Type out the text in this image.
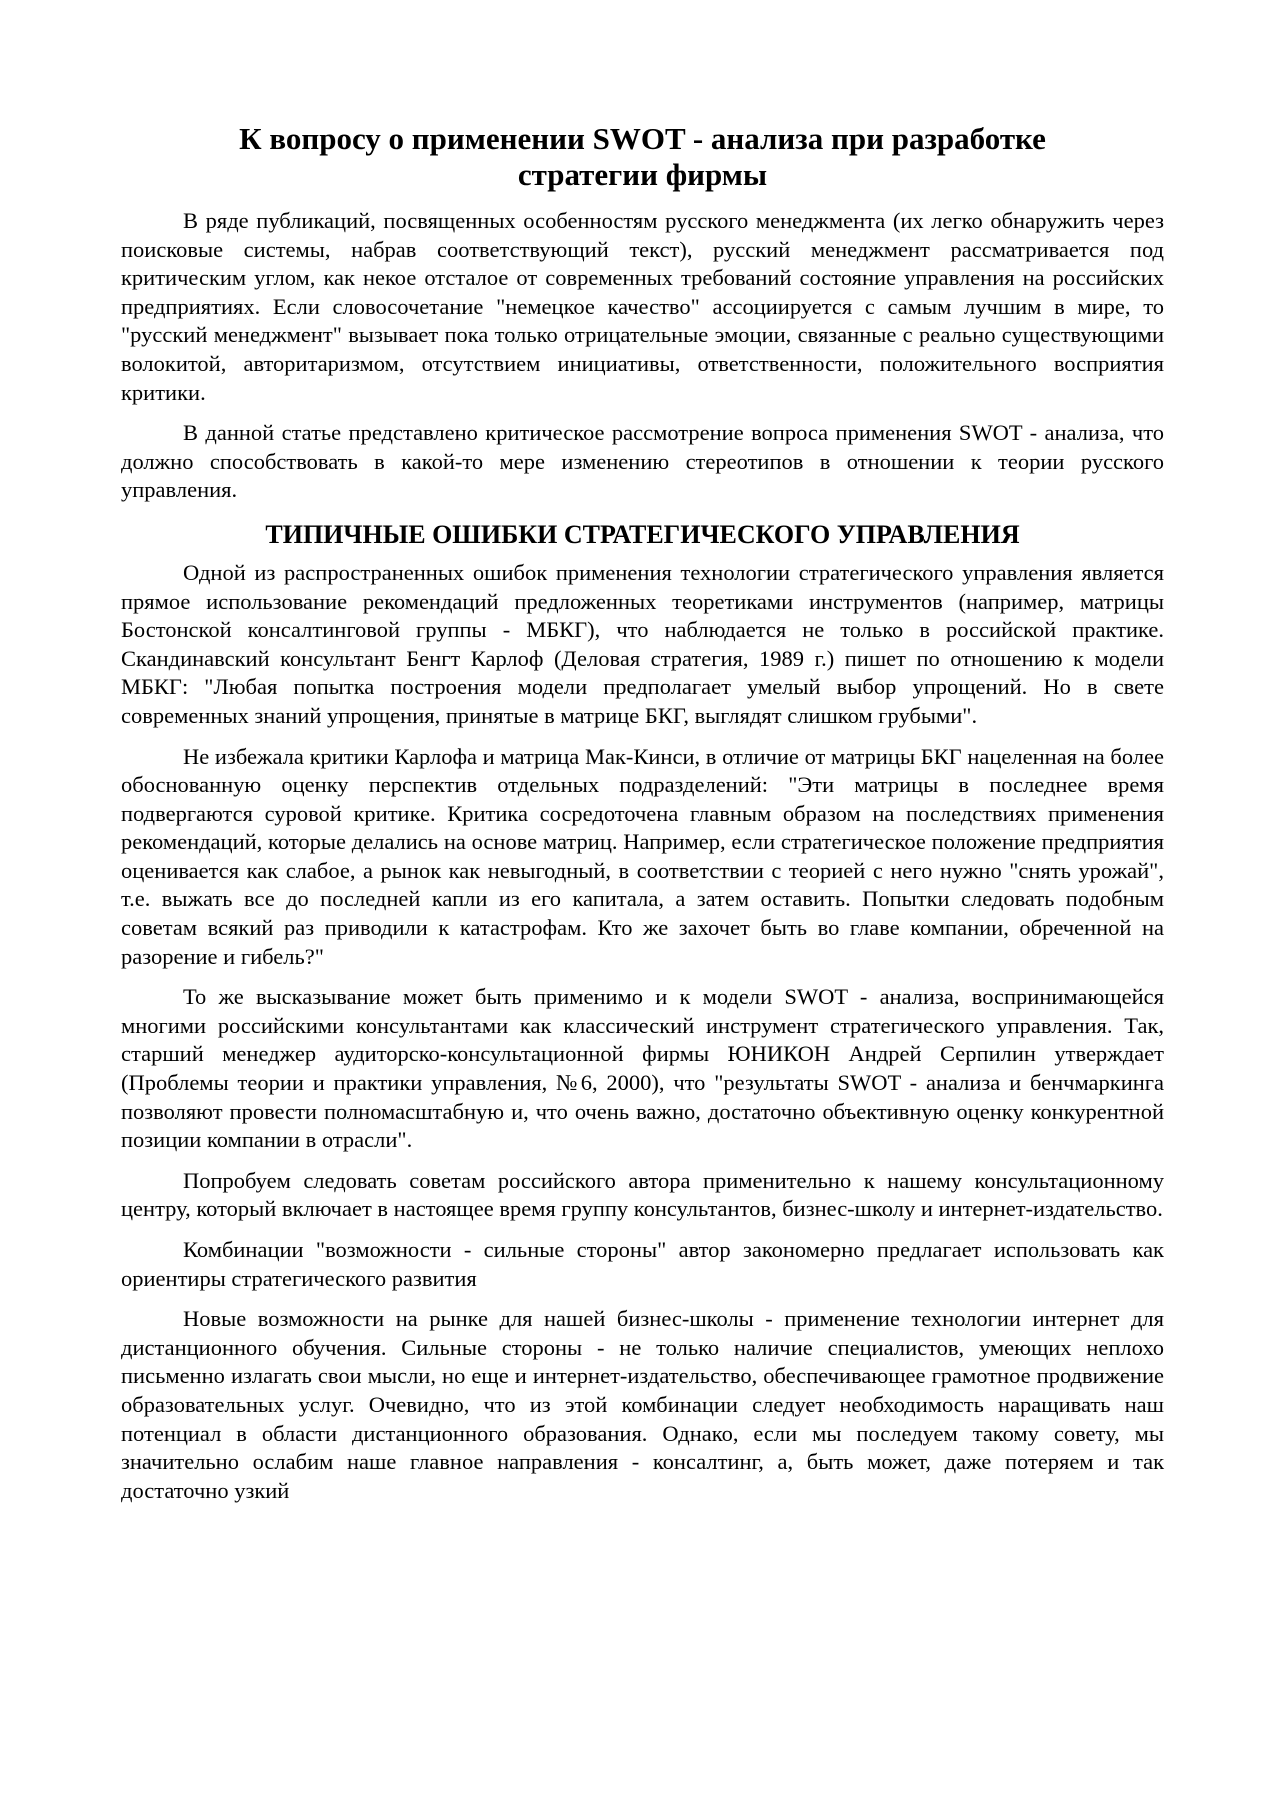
К вопросу о применении SWOT - анализа при разработке
стратегии фирмы

В ряде публикаций, посвященных особенностям русского менеджмента (их легко обнаружить через поисковые системы, набрав соответствующий текст), русский менеджмент рассматривается под критическим углом, как некое отсталое от современных требований состояние управления на российских предприятиях. Если словосочетание "немецкое качество" ассоциируется с самым лучшим в мире, то "русский менеджмент" вызывает пока только отрицательные эмоции, связанные с реально существующими волокитой, авторитаризмом, отсутствием инициативы, ответственности, положительного восприятия критики.

В данной статье представлено критическое рассмотрение вопроса применения SWOT - анализа, что должно способствовать в какой-то мере изменению стереотипов в отношении к теории русского управления.

ТИПИЧНЫЕ ОШИБКИ СТРАТЕГИЧЕСКОГО УПРАВЛЕНИЯ

Одной из распространенных ошибок применения технологии стратегического управления является прямое использование рекомендаций предложенных теоретиками инструментов (например, матрицы Бостонской консалтинговой группы - МБКГ), что наблюдается не только в российской практике. Скандинавский консультант Бенгт Карлоф (Деловая стратегия, 1989 г.) пишет по отношению к модели МБКГ: "Любая попытка построения модели предполагает умелый выбор упрощений. Но в свете современных знаний упрощения, принятые в матрице БКГ, выглядят слишком грубыми".

Не избежала критики Карлофа и матрица Мак-Кинси, в отличие от матрицы БКГ нацеленная на более обоснованную оценку перспектив отдельных подразделений: "Эти матрицы в последнее время подвергаются суровой критике. Критика сосредоточена главным образом на последствиях применения рекомендаций, которые делались на основе матриц. Например, если стратегическое положение предприятия оценивается как слабое, а рынок как невыгодный, в соответствии с теорией с него нужно "снять урожай", т.е. выжать все до последней капли из его капитала, а затем оставить. Попытки следовать подобным советам всякий раз приводили к катастрофам. Кто же захочет быть во главе компании, обреченной на разорение и гибель?"

То же высказывание может быть применимо и к модели SWOT - анализа, воспринимающейся многими российскими консультантами как классический инструмент стратегического управления. Так, старший менеджер аудиторско-консультационной фирмы ЮНИКОН Андрей Серпилин утверждает (Проблемы теории и практики управления, №6, 2000), что "результаты SWOT - анализа и бенчмаркинга позволяют провести полномасштабную и, что очень важно, достаточно объективную оценку конкурентной позиции компании в отрасли".

Попробуем следовать советам российского автора применительно к нашему консультационному центру, который включает в настоящее время группу консультантов, бизнес-школу и интернет-издательство.

Комбинации "возможности - сильные стороны" автор закономерно предлагает использовать как ориентиры стратегического развития

Новые возможности на рынке для нашей бизнес-школы - применение технологии интернет для дистанционного обучения. Сильные стороны - не только наличие специалистов, умеющих неплохо письменно излагать свои мысли, но еще и интернет-издательство, обеспечивающее грамотное продвижение образовательных услуг. Очевидно, что из этой комбинации следует необходимость наращивать наш потенциал в области дистанционного образования. Однако, если мы последуем такому совету, мы значительно ослабим наше главное направления - консалтинг, а, быть может, даже потеряем и так достаточно узкий
